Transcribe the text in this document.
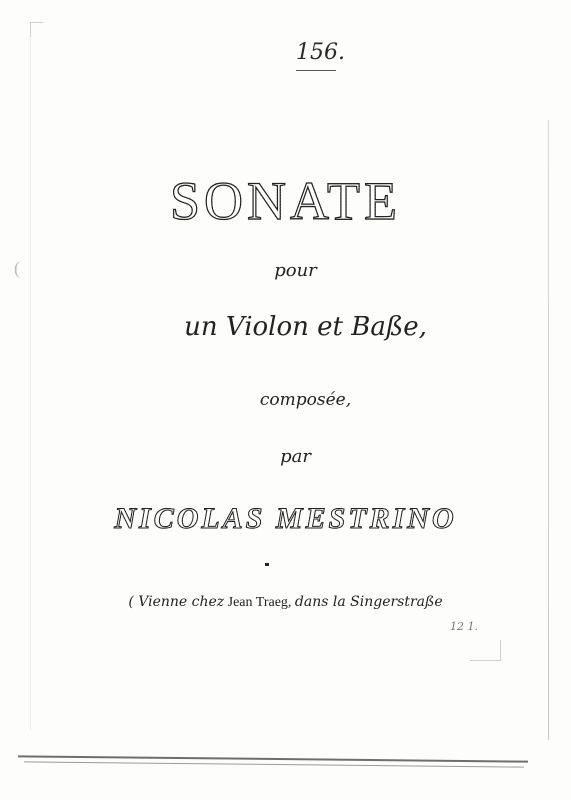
(
156.
SONATE
pour
un Violon et Baße,
composée,
par
NICOLAS MESTRINO
( Vienne chez Jean Traeg, dans la Singerstraße
12 1.
